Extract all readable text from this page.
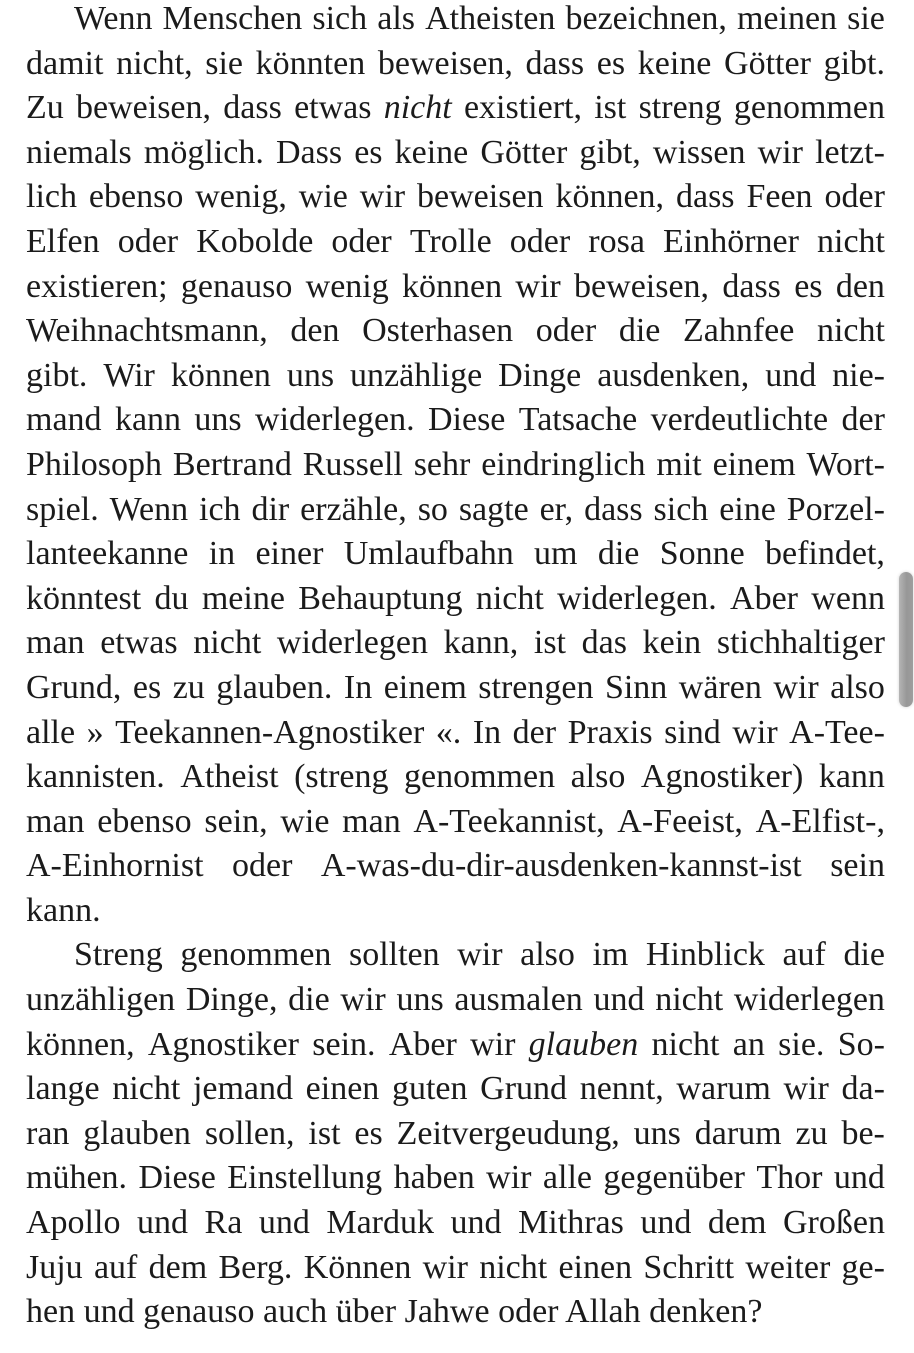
Wenn Menschen sich als Atheisten bezeichnen, meinen sie
damit nicht, sie könnten beweisen, dass es keine Götter gibt.
Zu beweisen, dass etwas nicht existiert, ist streng genommen
niemals möglich. Dass es keine Götter gibt, wissen wir letzt-
lich ebenso wenig, wie wir beweisen können, dass Feen oder
Elfen oder Kobolde oder Trolle oder rosa Einhörner nicht
existieren; genauso wenig können wir beweisen, dass es den
Weihnachtsmann, den Osterhasen oder die Zahnfee nicht
gibt. Wir können uns unzählige Dinge ausdenken, und nie-
mand kann uns widerlegen. Diese Tatsache verdeutlichte der
Philosoph Bertrand Russell sehr eindringlich mit einem Wort-
spiel. Wenn ich dir erzähle, so sagte er, dass sich eine Porzel-
lanteekanne in einer Umlaufbahn um die Sonne befindet,
könntest du meine Behauptung nicht widerlegen. Aber wenn
man etwas nicht widerlegen kann, ist das kein stichhaltiger
Grund, es zu glauben. In einem strengen Sinn wären wir also
alle » Teekannen-Agnostiker «. In der Praxis sind wir A-Tee-
kannisten. Atheist (streng genommen also Agnostiker) kann
man ebenso sein, wie man A-Teekannist, A-Feeist, A-Elfist-,
A-Einhornist oder A-was-du-dir-ausdenken-kannst-ist sein
kann.
Streng genommen sollten wir also im Hinblick auf die
unzähligen Dinge, die wir uns ausmalen und nicht widerlegen
können, Agnostiker sein. Aber wir glauben nicht an sie. So-
lange nicht jemand einen guten Grund nennt, warum wir da-
ran glauben sollen, ist es Zeitvergeudung, uns darum zu be-
mühen. Diese Einstellung haben wir alle gegenüber Thor und
Apollo und Ra und Marduk und Mithras und dem Großen
Juju auf dem Berg. Können wir nicht einen Schritt weiter ge-
hen und genauso auch über Jahwe oder Allah denken?
